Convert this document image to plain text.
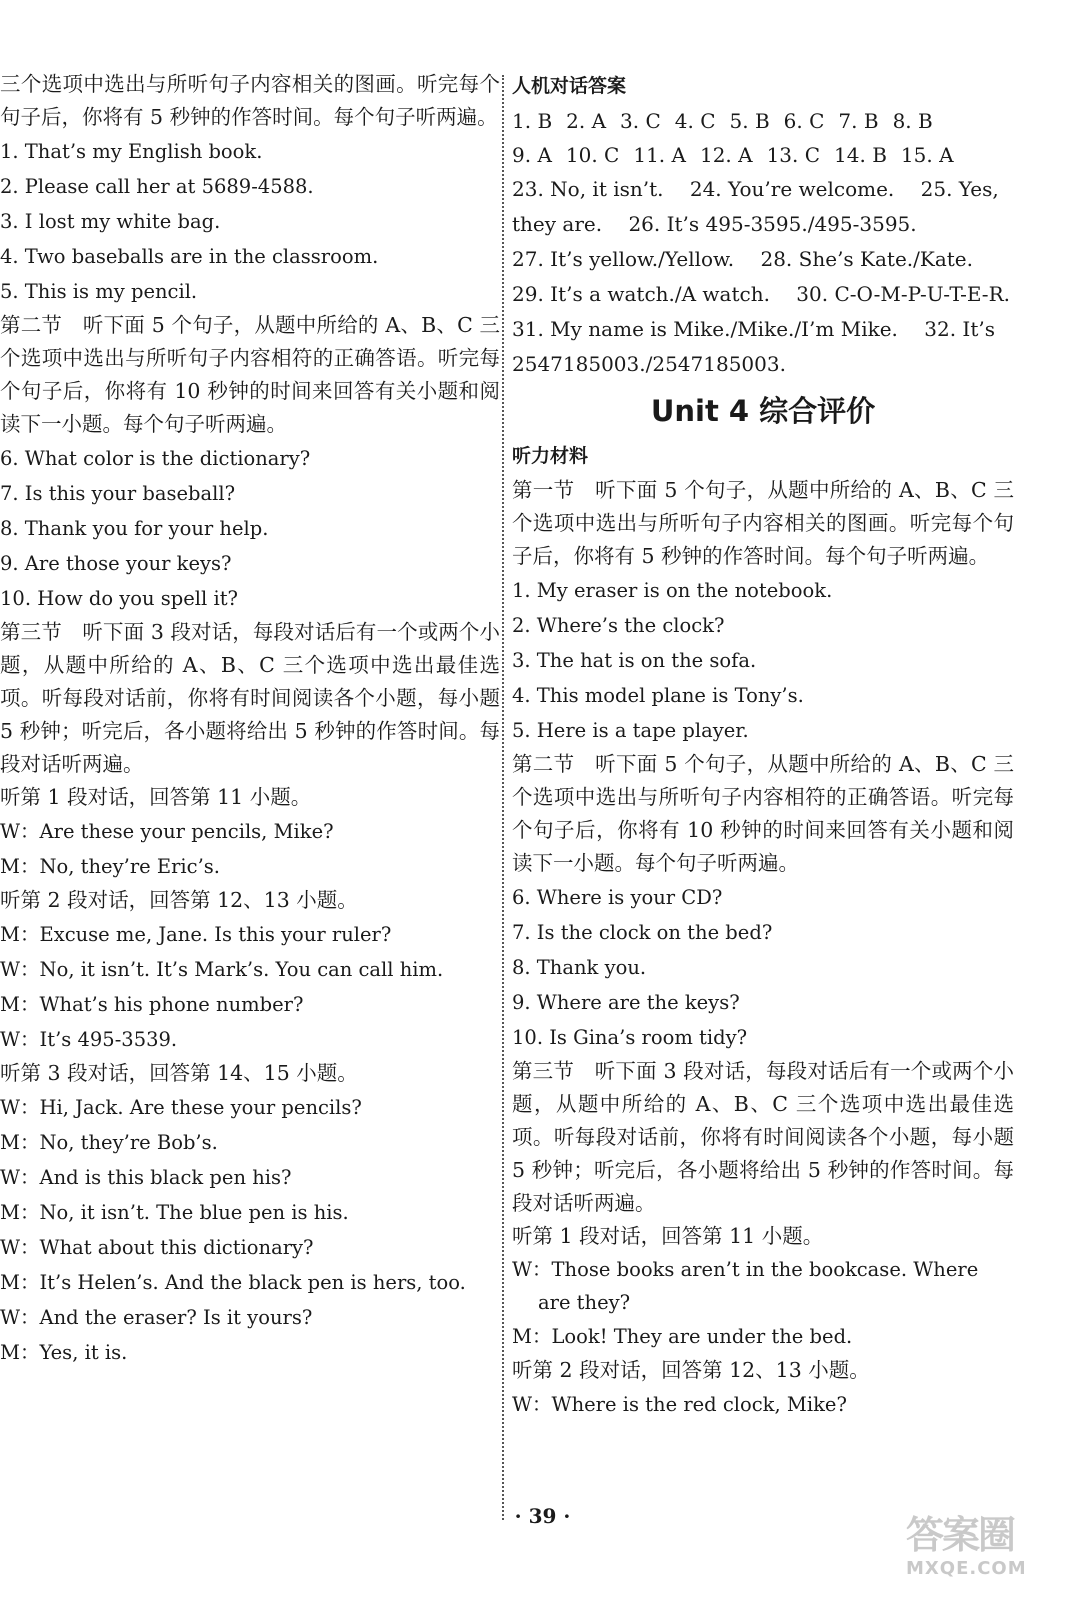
三个选项中选出与所听句子内容相关的图画。听完每个句子后，你将有 5 秒钟的作答时间。每个句子听两遍。

1. That’s my English book.

2. Please call her at 5689-4588.

3. I lost my white bag.

4. Two baseballs are in the classroom.

5. This is my pencil.

第二节　听下面 5 个句子，从题中所给的 A、B、C 三个选项中选出与所听句子内容相符的正确答语。听完每个句子后，你将有 10 秒钟的时间来回答有关小题和阅读下一小题。每个句子听两遍。

6. What color is the dictionary?

7. Is this your baseball?

8. Thank you for your help.

9. Are those your keys?

10. How do you spell it?

第三节　听下面 3 段对话，每段对话后有一个或两个小题，从题中所给的 A、B、C 三个选项中选出最佳选项。听每段对话前，你将有时间阅读各个小题，每小题 5 秒钟；听完后，各小题将给出 5 秒钟的作答时间。每段对话听两遍。

听第 1 段对话，回答第 11 小题。

W：Are these your pencils, Mike?

M：No, they’re Eric’s.

听第 2 段对话，回答第 12、13 小题。

M：Excuse me, Jane. Is this your ruler?

W：No, it isn’t. It’s Mark’s. You can call him.

M：What’s his phone number?

W：It’s 495-3539.

听第 3 段对话，回答第 14、15 小题。

W：Hi, Jack. Are these your pencils?

M：No, they’re Bob’s.

W：And is this black pen his?

M：No, it isn’t. The blue pen is his.

W：What about this dictionary?

M：It’s Helen’s. And the black pen is hers, too.

W：And the eraser? Is it yours?

M：Yes, it is.

人机对话答案

1. B 2. A 3. C 4. C 5. B 6. C 7. B 8. B
9. A 10. C 11. A 12. A 13. C 14. B 15. A

23. No, it isn’t.　 24. You’re welcome.　 25. Yes, they are.　 26. It’s 495-3595./495-3595.

27. It’s yellow./Yellow.　 28. She’s Kate./Kate.

29. It’s a watch./A watch.　 30. C-O-M-P-U-T-E-R.

31. My name is Mike./Mike./I’m Mike.　 32. It’s 2547185003./2547185003.

Unit 4 综合评价

听力材料

第一节　听下面 5 个句子，从题中所给的 A、B、C 三个选项中选出与所听句子内容相关的图画。听完每个句子后，你将有 5 秒钟的作答时间。每个句子听两遍。

1. My eraser is on the notebook.

2. Where’s the clock?

3. The hat is on the sofa.

4. This model plane is Tony’s.

5. Here is a tape player.

第二节　听下面 5 个句子，从题中所给的 A、B、C 三个选项中选出与所听句子内容相符的正确答语。听完每个句子后，你将有 10 秒钟的时间来回答有关小题和阅读下一小题。每个句子听两遍。

6. Where is your CD?

7. Is the clock on the bed?

8. Thank you.

9. Where are the keys?

10. Is Gina’s room tidy?

第三节　听下面 3 段对话，每段对话后有一个或两个小题，从题中所给的 A、B、C 三个选项中选出最佳选项。听每段对话前，你将有时间阅读各个小题，每小题 5 秒钟；听完后，各小题将给出 5 秒钟的作答时间。每段对话听两遍。

听第 1 段对话，回答第 11 小题。

W：Those books aren’t in the bookcase. Where are they?

M：Look! They are under the bed.

听第 2 段对话，回答第 12、13 小题。

W：Where is the red clock, Mike?

· 39 ·	答案圈
MXQE.COM
